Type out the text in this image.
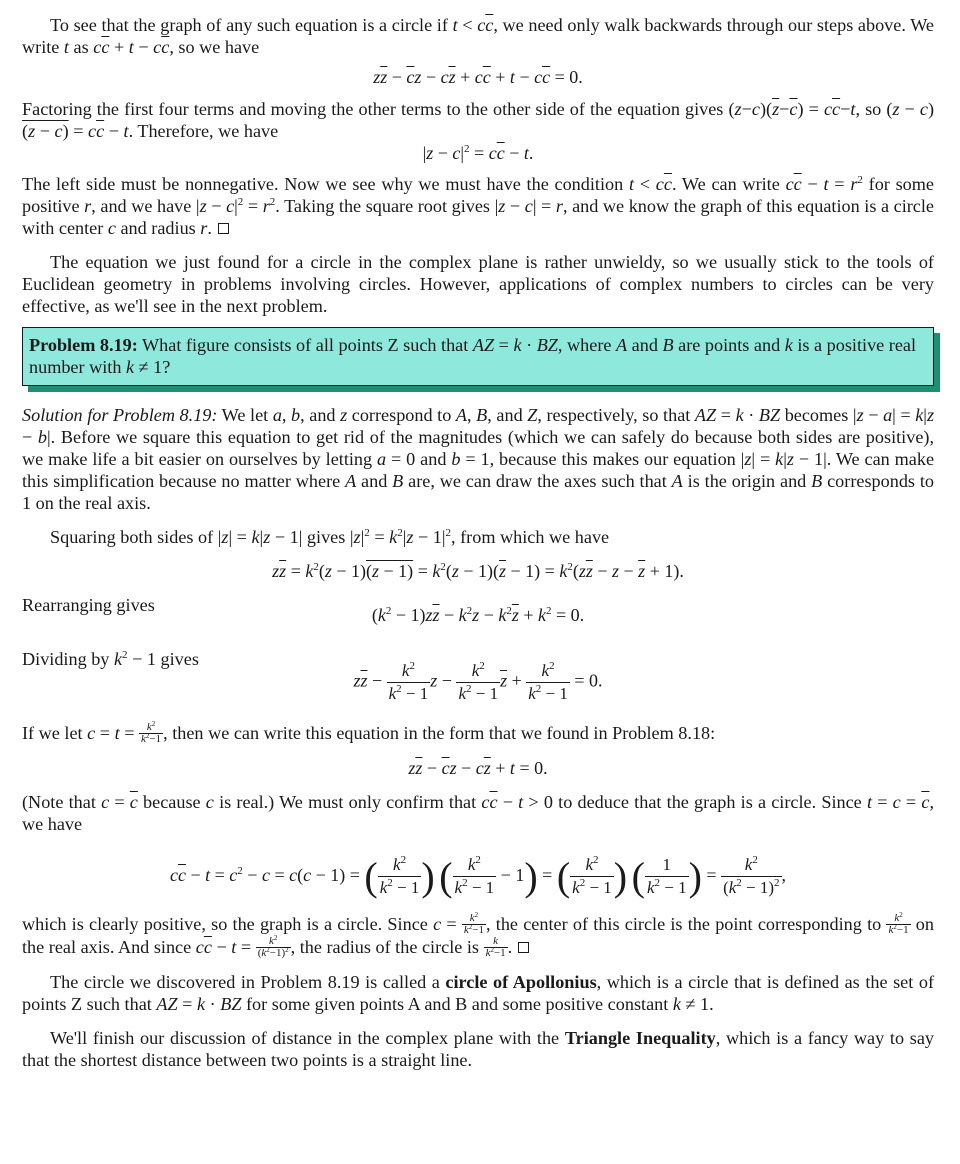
To see that the graph of any such equation is a circle if $t < c\overline{c}$, we need only walk backwards through our steps above. We write t as $c\overline{c} + t - c\overline{c}$, so we have

$z\overline{z} - \overline{c}z - c\overline{z} + c\overline{c} + t - c\overline{c} = 0$.

Factoring the first four terms and moving the other terms to the other side of the equation gives $(z-c)(\overline{z}-\overline{c}) = c\overline{c}-t$, so $(z - c)(z - c) = c\overline{c} - t$. Therefore, we have

$|z - c|^2 = c\overline{c} - t$.

The left side must be nonnegative. Now we see why we must have the condition $t < c\overline{c}$. We can write $c\overline{c} - t = r^2$ for some positive r, and we have $|z - c|^2 = r^2$. Taking the square root gives |z − c| = r, and we know the graph of this equation is a circle with center c and radius r.

The equation we just found for a circle in the complex plane is rather unwieldy, so we usually stick to the tools of Euclidean geometry in problems involving circles. However, applications of complex numbers to circles can be very effective, as we'll see in the next problem.

Problem 8.19: What figure consists of all points Z such that AZ = k · BZ, where A and B are points and k is a positive real number with k ≠ 1?

Solution for Problem 8.19: We let a, b, and z correspond to A, B, and Z, respectively, so that AZ = k · BZ becomes |z − a| = k|z − b|. Before we square this equation to get rid of the magnitudes (which we can safely do because both sides are positive), we make life a bit easier on ourselves by letting a = 0 and b = 1, because this makes our equation |z| = k|z − 1|. We can make this simplification because no matter where A and B are, we can draw the axes such that A is the origin and B corresponds to 1 on the real axis.

Squaring both sides of |z| = k|z − 1| gives $|z|^2 = k^2|z - 1|^2$, from which we have

$z\overline{z} = k^2(z - 1)(z - 1) = k^2(z - 1)(\overline{z} - 1) = k^2(z\overline{z} - z - \overline{z} + 1)$.

Rearranging gives	$(k^2 - 1)z\overline{z} - k^2z - k^2\overline{z} + k^2 = 0$.

Dividing by $k^2 - 1$ gives

$z\overline{z} - \frac{k^2}{k^2 - 1}$ $z - \frac{k^2}{k^2 - 1} \overline{z} + \frac{k^2}{k^2 - 1} = 0$.

If we let $c = t = \frac{k^2}{k^2-1}$ , then we can write this equation in the form that we found in Problem 8.18:

$z\overline{z} - \overline{c}z - c\overline{z} + t = 0$.

(Note that $c = \overline{c}$ because c is real.) We must only confirm that $c\overline{c} - t > 0$ to deduce that the graph is a circle. Since $t = c = \overline{c}$, we have

$c\overline{c} - t = c^2 - c = c(c - 1)$ = ( $\frac{k^2}{k^2 - 1}$ ) ( $\frac{k^2}{k^2 - 1} - 1$) = ( $\frac{k^2}{k^2 - 1}$ ) ( $\frac{1}{k^2 - 1}$ ) = $\frac{k^2}{(k^2 - 1)^2}$ ,

which is clearly positive, so the graph is a circle. Since $c = \frac{k^2}{k^2-1}$ , the center of this circle is the point corresponding to $\frac{k^2}{k^2-1}$ on the real axis. And since $c\overline{c} - t = \frac{k^2}{(k^2-1)^2}$ , the radius of the circle is $\frac{k}{k^2-1}$ .

The circle we discovered in Problem 8.19 is called a circle of Apollonius, which is a circle that is defined as the set of points Z such that AZ = k · BZ for some given points A and B and some positive constant k ≠ 1.

We'll finish our discussion of distance in the complex plane with the Triangle Inequality, which is a fancy way to say that the shortest distance between two points is a straight line.
